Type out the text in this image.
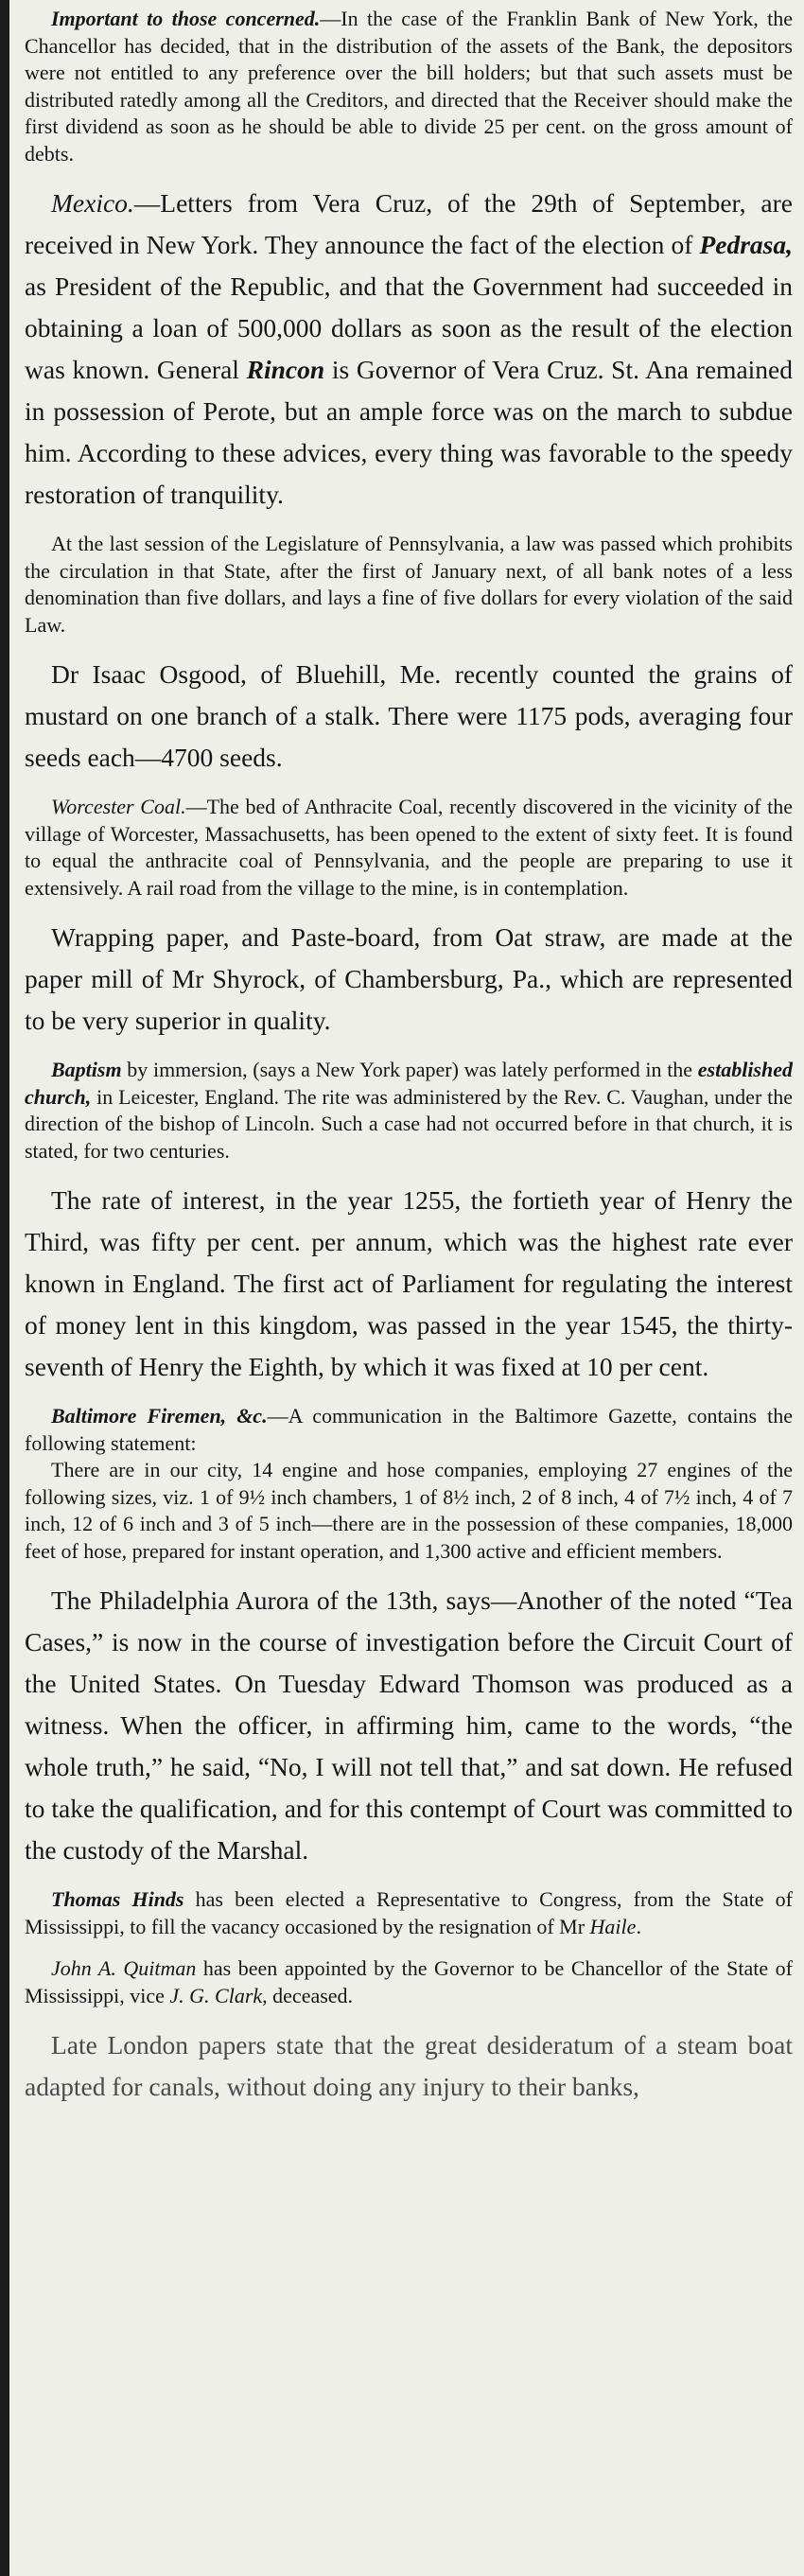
Important to those concerned.—In the case of the Franklin Bank of New York, the Chancellor has decided, that in the distribution of the assets of the Bank, the depositors were not entitled to any preference over the bill holders; but that such assets must be distributed ratedly among all the Creditors, and directed that the Receiver should make the first dividend as soon as he should be able to divide 25 per cent. on the gross amount of debts.

Mexico.—Letters from Vera Cruz, of the 29th of September, are received in New York. They announce the fact of the election of Pedrasa, as President of the Republic, and that the Government had succeeded in obtaining a loan of 500,000 dollars as soon as the result of the election was known. General Rincon is Governor of Vera Cruz. St. Ana remained in possession of Perote, but an ample force was on the march to subdue him. According to these advices, every thing was favorable to the speedy restoration of tranquility.

At the last session of the Legislature of Pennsylvania, a law was passed which prohibits the circulation in that State, after the first of January next, of all bank notes of a less denomination than five dollars, and lays a fine of five dollars for every violation of the said Law.

Dr Isaac Osgood, of Bluehill, Me. recently counted the grains of mustard on one branch of a stalk. There were 1175 pods, averaging four seeds each—4700 seeds.

Worcester Coal.—The bed of Anthracite Coal, recently discovered in the vicinity of the village of Worcester, Massachusetts, has been opened to the extent of sixty feet. It is found to equal the anthracite coal of Pennsylvania, and the people are preparing to use it extensively. A rail road from the village to the mine, is in contemplation.

Wrapping paper, and Paste-board, from Oat straw, are made at the paper mill of Mr Shyrock, of Chambersburg, Pa., which are represented to be very superior in quality.

Baptism by immersion, (says a New York paper) was lately performed in the established church, in Leicester, England. The rite was administered by the Rev. C. Vaughan, under the direction of the bishop of Lincoln. Such a case had not occurred before in that church, it is stated, for two centuries.

The rate of interest, in the year 1255, the fortieth year of Henry the Third, was fifty per cent. per annum, which was the highest rate ever known in England. The first act of Parliament for regulating the interest of money lent in this kingdom, was passed in the year 1545, the thirty-seventh of Henry the Eighth, by which it was fixed at 10 per cent.

Baltimore Firemen, &c.—A communication in the Baltimore Gazette, contains the following statement:

There are in our city, 14 engine and hose companies, employing 27 engines of the following sizes, viz. 1 of 9½ inch chambers, 1 of 8½ inch, 2 of 8 inch, 4 of 7½ inch, 4 of 7 inch, 12 of 6 inch and 3 of 5 inch—there are in the possession of these companies, 18,000 feet of hose, prepared for instant operation, and 1,300 active and efficient members.

The Philadelphia Aurora of the 13th, says—Another of the noted “Tea Cases,” is now in the course of investigation before the Circuit Court of the United States. On Tuesday Edward Thomson was produced as a witness. When the officer, in affirming him, came to the words, “the whole truth,” he said, “No, I will not tell that,” and sat down. He refused to take the qualification, and for this contempt of Court was committed to the custody of the Marshal.

Thomas Hinds has been elected a Representative to Congress, from the State of Mississippi, to fill the vacancy occasioned by the resignation of Mr Haile.

John A. Quitman has been appointed by the Governor to be Chancellor of the State of Mississippi, vice J. G. Clark, deceased.

Late London papers state that the great desideratum of a steam boat adapted for canals, without doing any injury to their banks,
